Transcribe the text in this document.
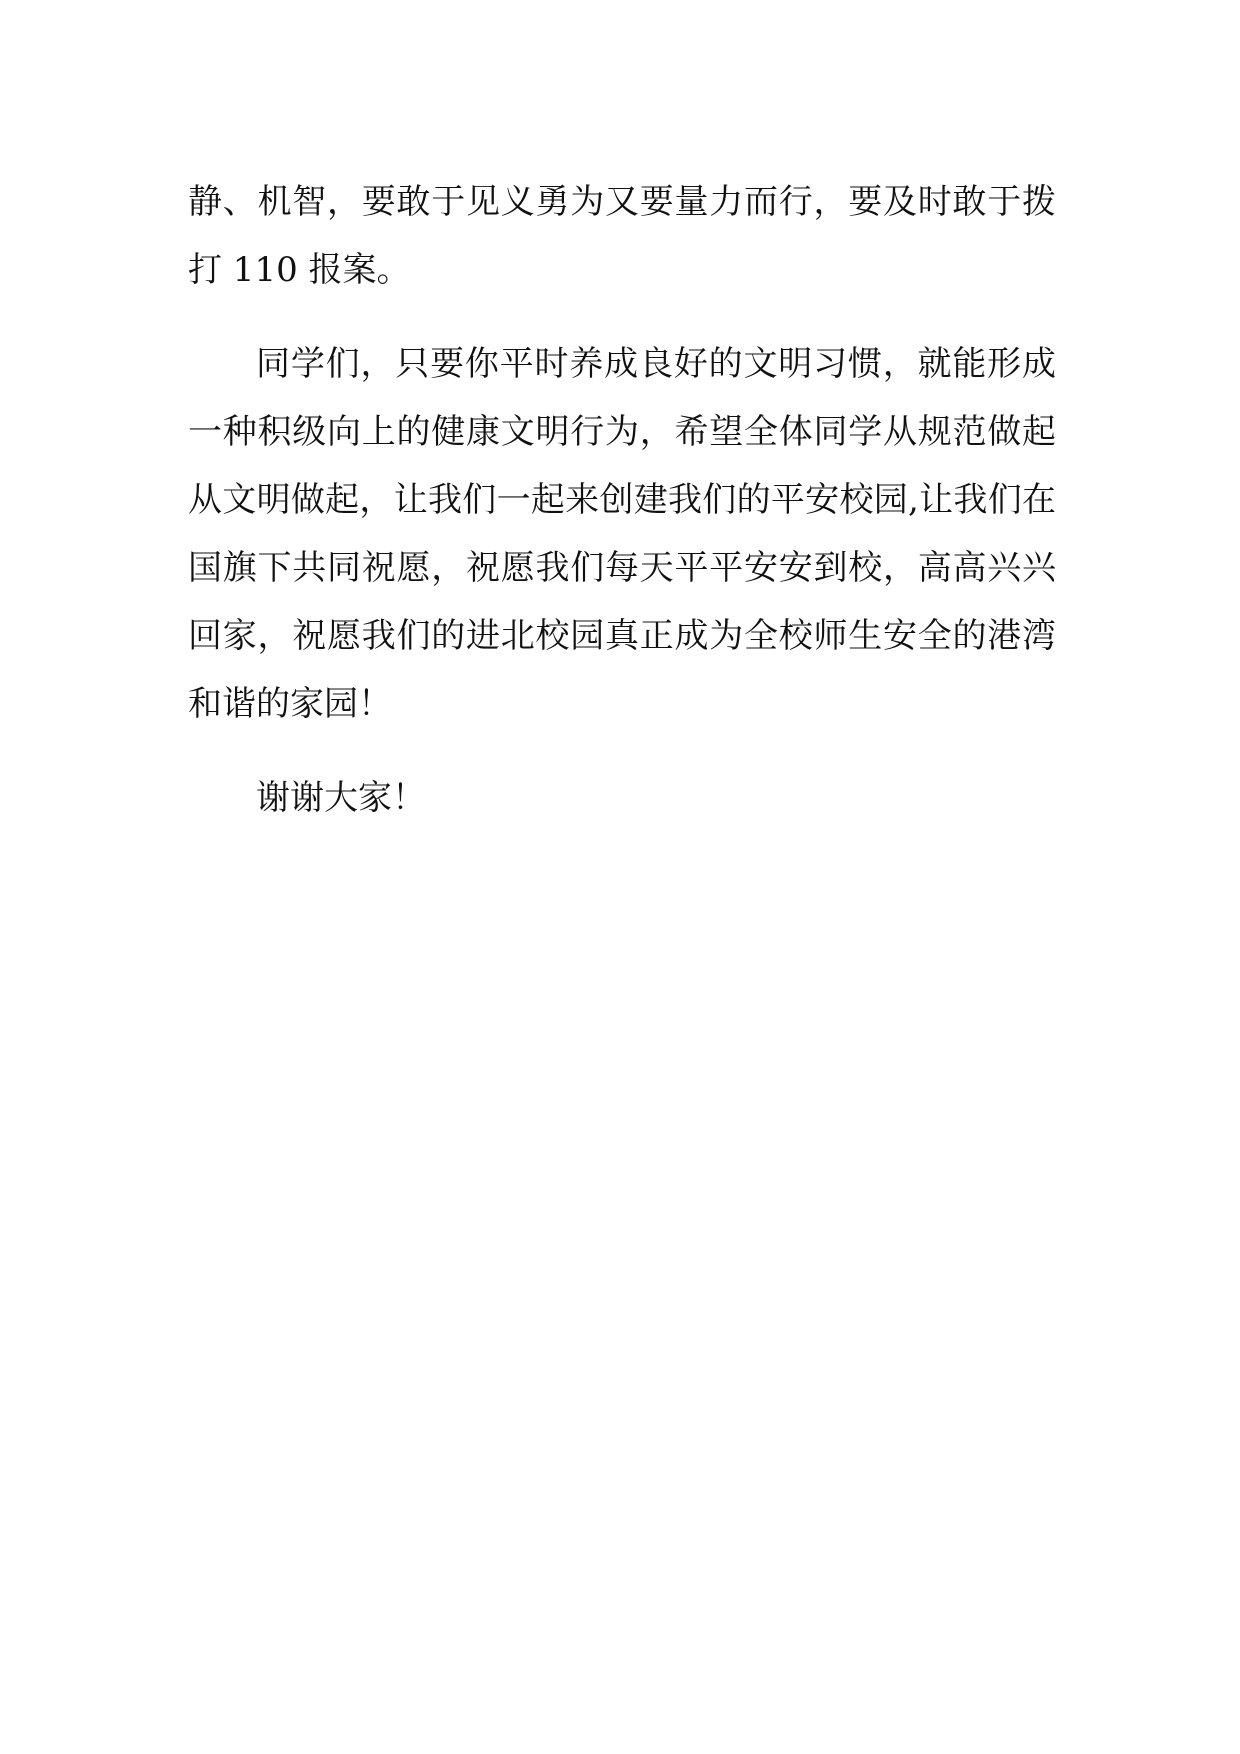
静、机智，要敢于见义勇为又要量力而行，要及时敢于拨
打 110 报案。
同学们，只要你平时养成良好的文明习惯，就能形成
一种积级向上的健康文明行为，希望全体同学从规范做起
从文明做起，让我们一起来创建我们的平安校园,让我们在
国旗下共同祝愿，祝愿我们每天平平安安到校，高高兴兴
回家，祝愿我们的进北校园真正成为全校师生安全的港湾
和谐的家园！
谢谢大家！
